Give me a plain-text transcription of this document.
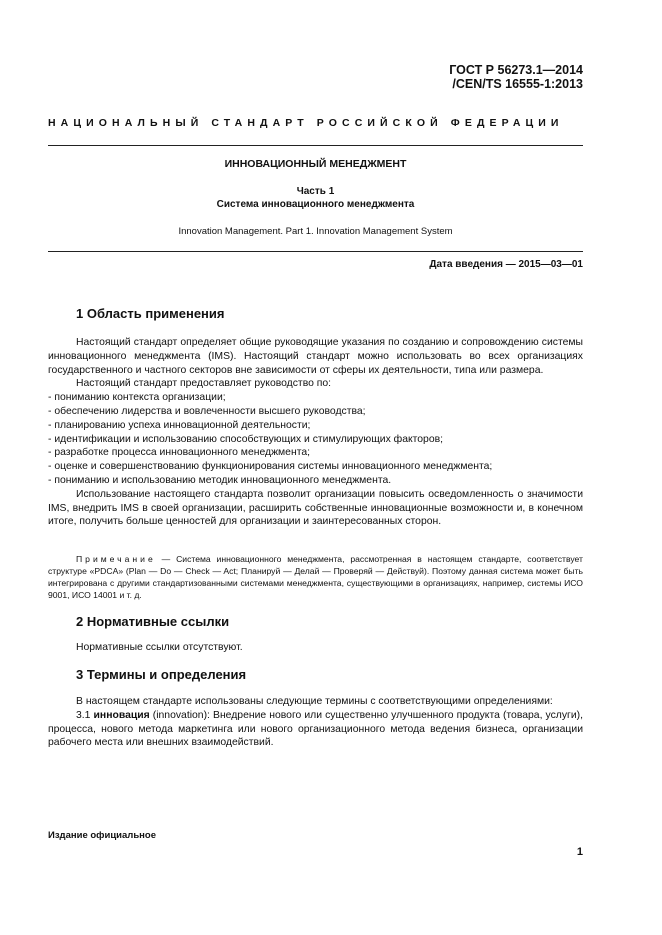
ГОСТ Р 56273.1—2014
/CEN/TS 16555-1:2013
НАЦИОНАЛЬНЫЙ СТАНДАРТ РОССИЙСКОЙ ФЕДЕРАЦИИ
ИННОВАЦИОННЫЙ МЕНЕДЖМЕНТ
Часть 1
Система инновационного менеджмента
Innovation Management. Part 1. Innovation Management System
Дата введения — 2015—03—01
1 Область применения

Настоящий стандарт определяет общие руководящие указания по созданию и сопровождению системы инновационного менеджмента (IMS). Настоящий стандарт можно использовать во всех организациях государственного и частного секторов вне зависимости от сферы их деятельности, типа или размера.

Настоящий стандарт предоставляет руководство по:

- пониманию контекста организации;

- обеспечению лидерства и вовлеченности высшего руководства;

- планированию успеха инновационной деятельности;

- идентификации и использованию способствующих и стимулирующих факторов;

- разработке процесса инновационного менеджмента;

- оценке и совершенствованию функционирования системы инновационного менеджмента;

- пониманию и использованию методик инновационного менеджмента.

Использование настоящего стандарта позволит организации повысить осведомленность о значимости IMS, внедрить IMS в своей организации, расширить собственные инновационные возможности и, в конечном итоге, получить больше ценностей для организации и заинтересованных сторон.

Примечание — Система инновационного менеджмента, рассмотренная в настоящем стандарте, соответствует структуре «PDCA» (Plan — Do — Check — Act; Планируй — Делай — Проверяй — Действуй). Поэтому данная система может быть интегрирована с другими стандартизованными системами менеджмента, существующими в организациях, например, системы ИСО 9001, ИСО 14001 и т. д.
2 Нормативные ссылки

Нормативные ссылки отсутствуют.

3 Термины и определения

В настоящем стандарте использованы следующие термины с соответствующими определениями:

3.1 инновация (innovation): Внедрение нового или существенно улучшенного продукта (товара, услуги), процесса, нового метода маркетинга или нового организационного метода ведения бизнеса, организации рабочего места или внешних взаимодействий.

Издание официальное
1
